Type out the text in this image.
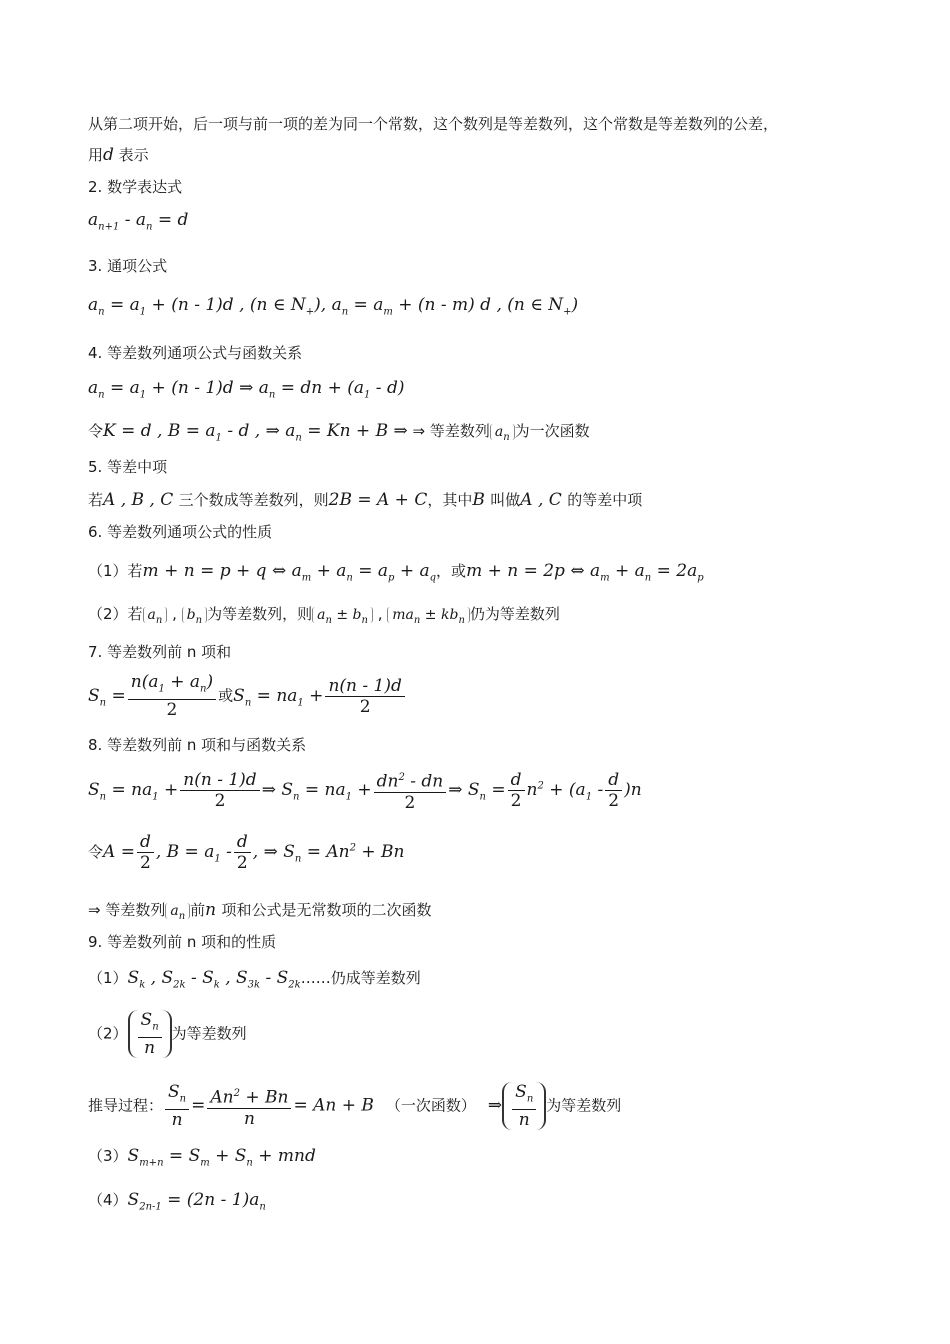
从第二项开始，后一项与前一项的差为同一个常数，这个数列是等差数列，这个常数是等差数列的公差，
用d 表示
2. 数学表达式
$a_{n+1} - a_n = d$
3. 通项公式
$a_n = a_1 + (n - 1)d$ , (n ∈ $N_+$), $a_n = a_m + (n - m)$ d , (n ∈ $N_+$)
4. 等差数列通项公式与函数关系
$a_n = a_1 + (n - 1)d$ ⇒ $a_n$ = dn + $(a_1 - d)$
令K = d , $B = a_1 - d$ , ⇒ $a_n = Kn + B$ ⇒ ⇒ 等差数列 $a_n$ 为一次函数
5. 等差中项
若A , B , C 三个数成等差数列，则2B = A + C，其中B 叫做A , C 的等差中项
6. 等差数列通项公式的性质
（1）若m + n = p + q ⇔ $a_m + a_n = a_p + a_q$，或m + n = 2p ⇔ $a_m + a_n = 2a_p$
（2）若 $a_n$ , $b_n$ 为等差数列，则 $a_n \pm b_n$ , $ma_n \pm kb_n$ 仍为等差数列
7. 等差数列前 n 项和
$S_n = \frac{n(a_1 + a_n)}{2}$ 或$S_n = na_1 + \frac{n(n - 1)d}{2}$
8. 等差数列前 n 项和与函数关系
$S_n = na_1 + \frac{n(n - 1)d}{2}$ ⇒ $S_n = na_1 + \frac{dn^2 - dn}{2}$ ⇒ $S_n = \frac{d}{2} n^2 + (a_1 - \frac{d}{2} )n$
令$A = \frac{d}{2}$ , $B = a_1 - \frac{d}{2}$ , ⇒ $S_n = An^2 + Bn$
⇒ 等差数列 $a_n$ 前n 项和公式是无常数项的二次函数
9. 等差数列前 n 项和的性质
$(1)S_k$ , $S_{2k} - S_k$ , $S_{3k}$ - $S_{2k}\dots\dots$仍成等差数列
$(2) \frac{S_n}{n}$ 为等差数列
推导过程： $\frac{S_n}{n} = \frac{An^2 + Bn}{n} = An + B$ （一次函数） ⇒ $\frac{S_n}{n}$ 为等差数列
$(3)S_{m+n} = S_m + S_n$ + mnd
$(4)S_{2n-1} = (2n - 1)a_n$
